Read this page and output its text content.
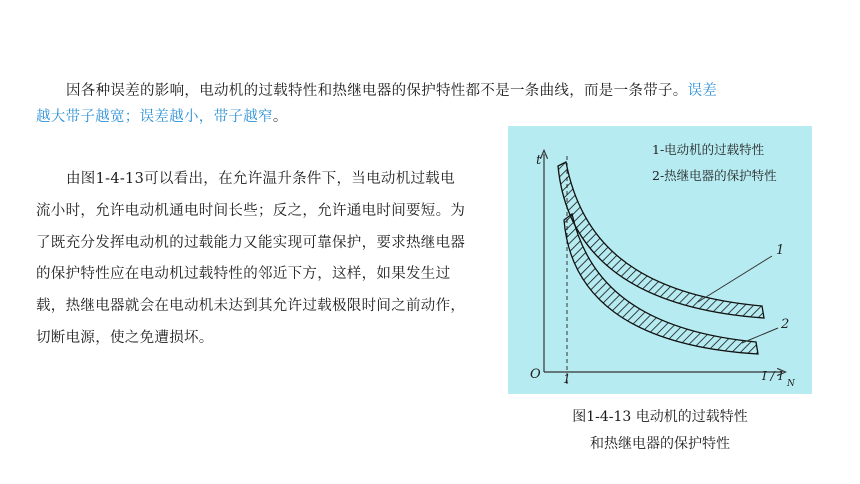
因各种误差的影响，电动机的过载特性和热继电器的保护特性都不是一条曲线，而是一条带子。误差越大带子越宽；误差越小，带子越窄。

由图1-4-13可以看出，在允许温升条件下，当电动机过载电流小时，允许电动机通电时间长些；反之，允许通电时间要短。为了既充分发挥电动机的过载能力又能实现可靠保护，要求热继电器的保护特性应在电动机过载特性的邻近下方，这样，如果发生过载，热继电器就会在电动机未达到其允许过载极限时间之前动作，切断电源，使之免遭损坏。

1
2
t
O 1	I / I
N
1-电动机的过载特性
2-热继电器的保护特性
图1-4-13 电动机的过载特性
和热继电器的保护特性
